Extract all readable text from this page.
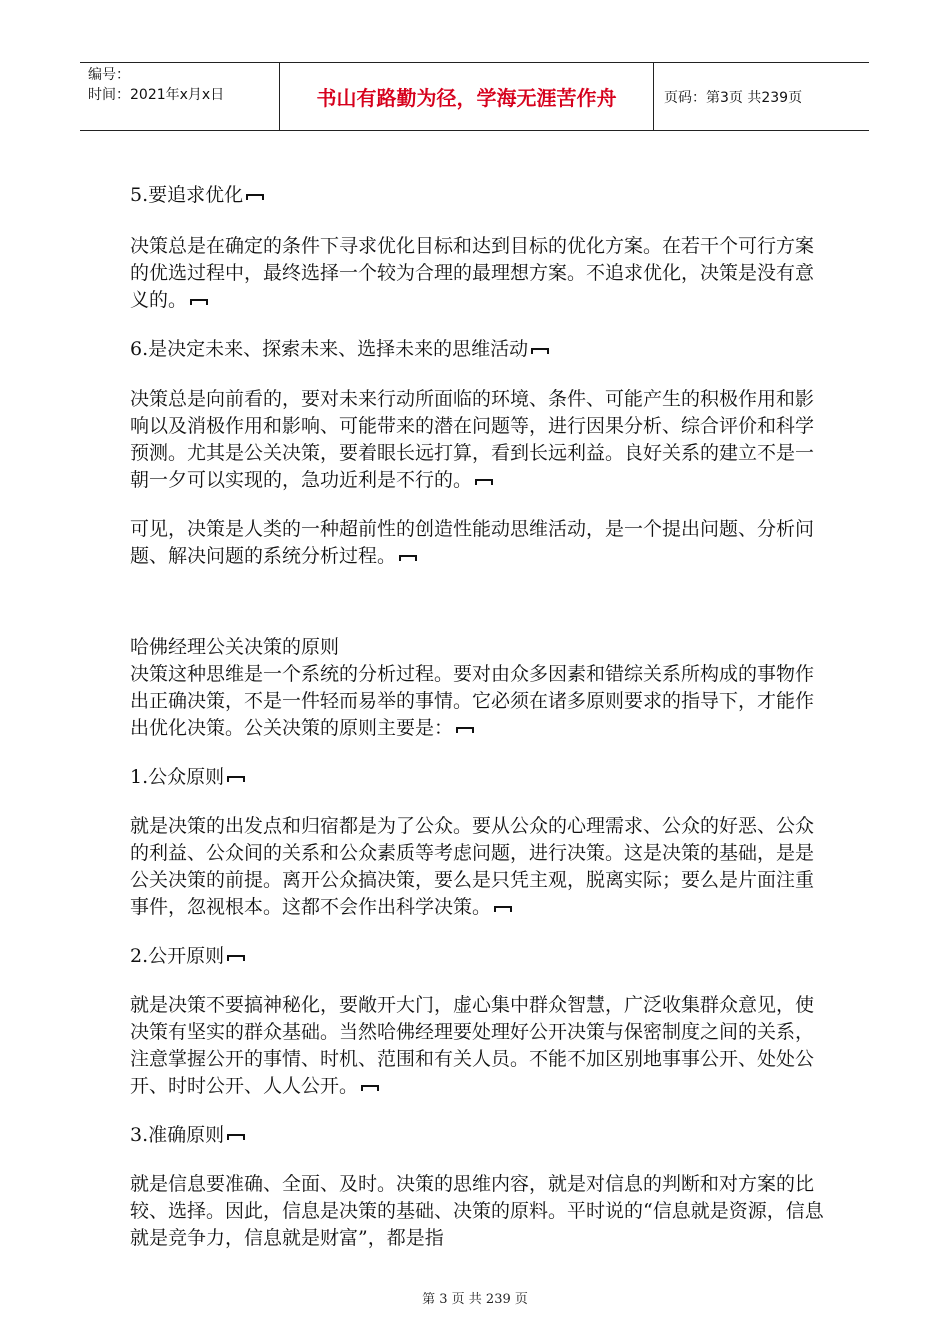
编号：
时间：2021年x月x日	书山有路勤为径，学海无涯苦作舟	页码：第3页 共239页

5.要追求优化

决策总是在确定的条件下寻求优化目标和达到目标的优化方案。在若干个可行方案的优选过程中，最终选择一个较为合理的最理想方案。不追求优化，决策是没有意义的。

6.是决定未来、探索未来、选择未来的思维活动

决策总是向前看的，要对未来行动所面临的环境、条件、可能产生的积极作用和影响以及消极作用和影响、可能带来的潜在问题等，进行因果分析、综合评价和科学预测。尤其是公关决策，要着眼长远打算，看到长远利益。良好关系的建立不是一朝一夕可以实现的，急功近利是不行的。

可见，决策是人类的一种超前性的创造性能动思维活动，是一个提出问题、分析问题、解决问题的系统分析过程。

哈佛经理公关决策的原则

决策这种思维是一个系统的分析过程。要对由众多因素和错综关系所构成的事物作出正确决策，不是一件轻而易举的事情。它必须在诸多原则要求的指导下，才能作出优化决策。公关决策的原则主要是：

1.公众原则

就是决策的出发点和归宿都是为了公众。要从公众的心理需求、公众的好恶、公众的利益、公众间的关系和公众素质等考虑问题，进行决策。这是决策的基础，是是公关决策的前提。离开公众搞决策，要么是只凭主观，脱离实际；要么是片面注重事件，忽视根本。这都不会作出科学决策。

2.公开原则

就是决策不要搞神秘化，要敞开大门，虚心集中群众智慧，广泛收集群众意见，使决策有坚实的群众基础。当然哈佛经理要处理好公开决策与保密制度之间的关系，注意掌握公开的事情、时机、范围和有关人员。不能不加区别地事事公开、处处公开、时时公开、人人公开。

3.准确原则

就是信息要准确、全面、及时。决策的思维内容，就是对信息的判断和对方案的比较、选择。因此，信息是决策的基础、决策的原料。平时说的“信息就是资源，信息就是竞争力，信息就是财富”，都是指

第 3 页 共 239 页
